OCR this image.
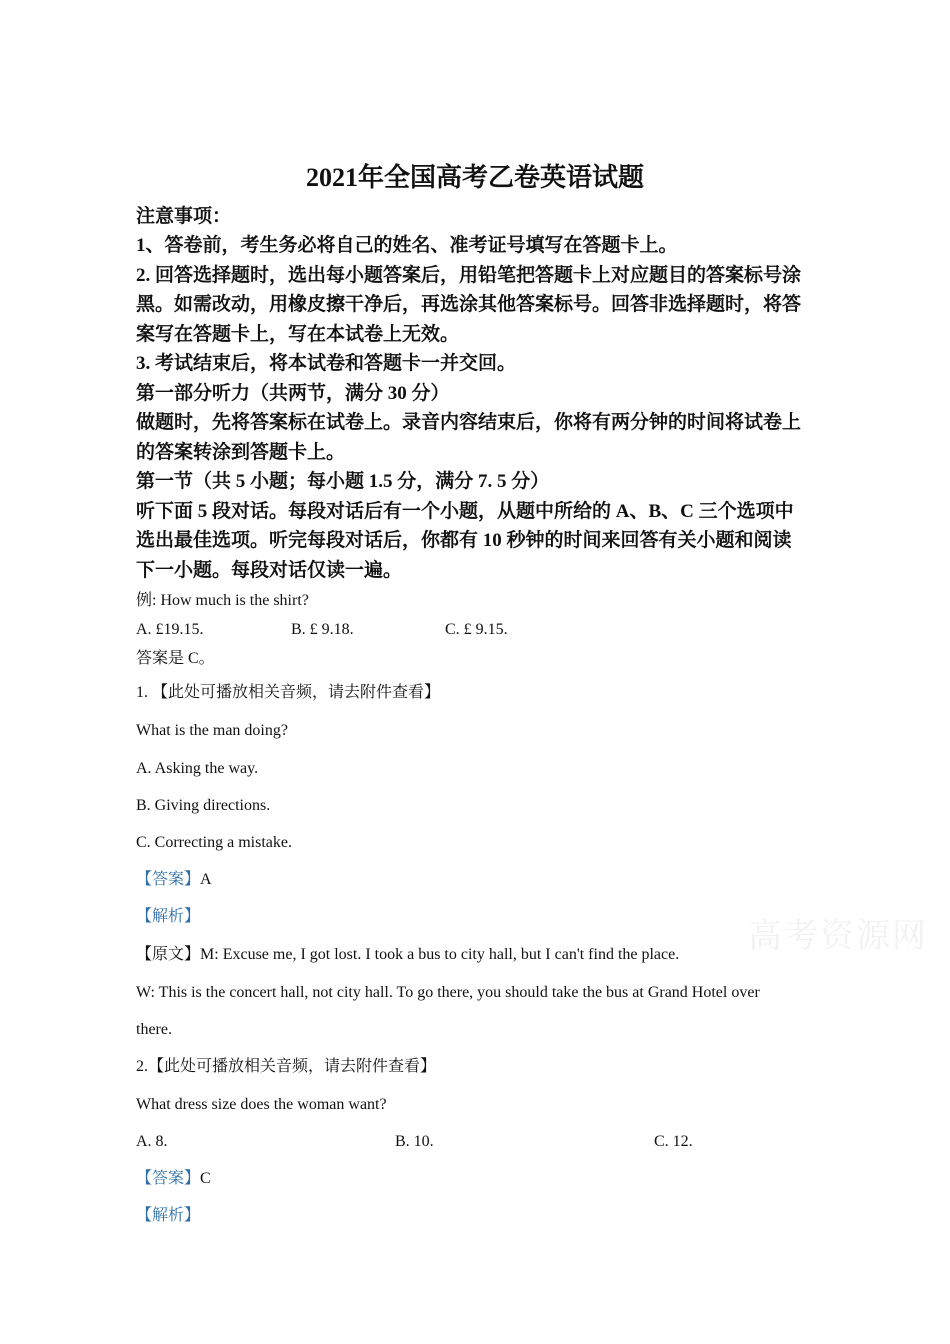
2021年全国高考乙卷英语试题
注意事项：
1、答卷前，考生务必将自己的姓名、准考证号填写在答题卡上。
2. 回答选择题时，选出每小题答案后，用铅笔把答题卡上对应题目的答案标号涂
黑。如需改动，用橡皮擦干净后，再选涂其他答案标号。回答非选择题时，将答
案写在答题卡上，写在本试卷上无效。
3. 考试结束后，将本试卷和答题卡一并交回。
第一部分听力（共两节，满分 30 分）
做题时，先将答案标在试卷上。录音内容结束后，你将有两分钟的时间将试卷上
的答案转涂到答题卡上。
第一节（共 5 小题；每小题 1.5 分，满分 7. 5 分）
听下面 5 段对话。每段对话后有一个小题，从题中所给的 A、B、C 三个选项中
选出最佳选项。听完每段对话后，你都有 10 秒钟的时间来回答有关小题和阅读
下一小题。每段对话仅读一遍。
例: How much is the shirt?
A. £19.15.	B. £ 9.18.	C. £ 9.15.
答案是 C。
1. 【此处可播放相关音频，请去附件查看】
What is the man doing?
A. Asking the way.
B. Giving directions.
C. Correcting a mistake.
【答案】A
【解析】
【原文】M: Excuse me, I got lost. I took a bus to city hall, but I can't find the place.
W: This is the concert hall, not city hall. To go there, you should take the bus at Grand Hotel over
there.
2.【此处可播放相关音频，请去附件查看】
What dress size does the woman want?
A. 8.	B. 10.	C. 12.
【答案】C
【解析】
高考资源网
